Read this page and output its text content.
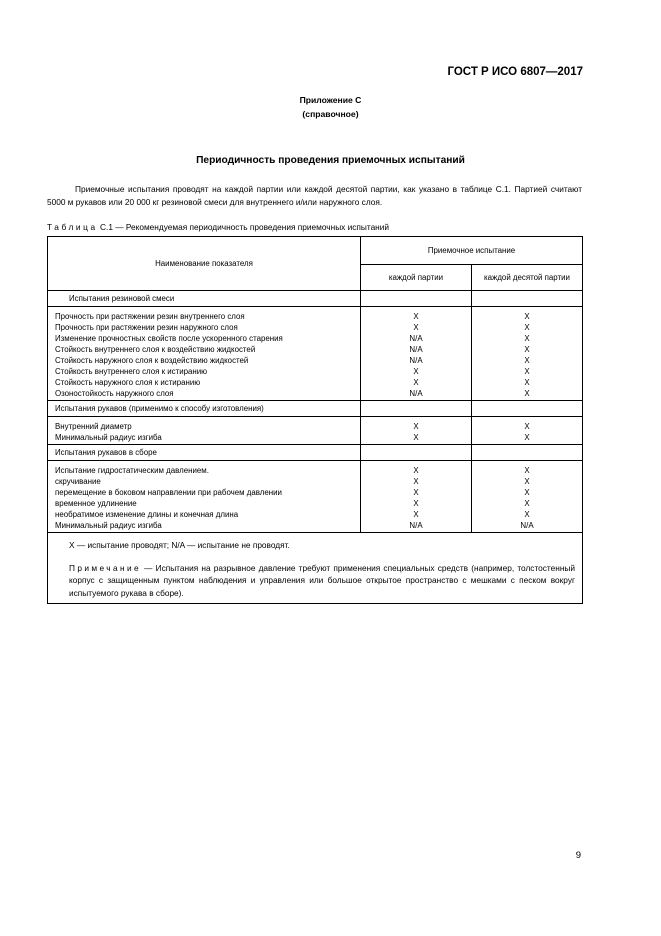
ГОСТ Р ИСО 6807—2017
Приложение С
(справочное)
Периодичность проведения приемочных испытаний
Приемочные испытания проводят на каждой партии или каждой десятой партии, как указано в таблице С.1. Партией считают 5000 м рукавов или 20 000 кг резиновой смеси для внутреннего и/или наружного слоя.
Таблица С.1 — Рекомендуемая периодичность проведения приемочных испытаний
Наименование показателя	Приемочное испытание	
	каждой партии	каждой десятой партии
Испытания резиновой смеси		
Прочность при растяжении резин внутреннего слоя	X	X
Прочность при растяжении резин наружного слоя	X	X
Изменение прочностных свойств после ускоренного старения	N/A	X
Стойкость внутреннего слоя к воздействию жидкостей	N/A	X
Стойкость наружного слоя к воздействию жидкостей	N/A	X
Стойкость внутреннего слоя к истиранию	X	X
Стойкость наружного слоя к истиранию	X	X
Озоностойкость наружного слоя	N/A	X
Испытания рукавов (применимо к способу изготовления)		
Внутренний диаметр	X	X
Минимальный радиус изгиба	X	X
Испытания рукавов в сборе		
Испытание гидростатическим давлением.	X	X
скручивание	X	X
перемещение в боковом направлении при рабочем давлении	X	X
временное удлинение	X	X
необратимое изменение длины и конечная длина	X	X
Минимальный радиус изгиба	N/A	N/A

X — испытание проводят; N/A — испытание не проводят.
Примечание — Испытания на разрывное давление требуют применения специальных средств (например, толстостенный корпус с защищенным пунктом наблюдения и управления или большое открытое пространство с мешками с песком вокруг испытуемого рукава в сборе).		
9
